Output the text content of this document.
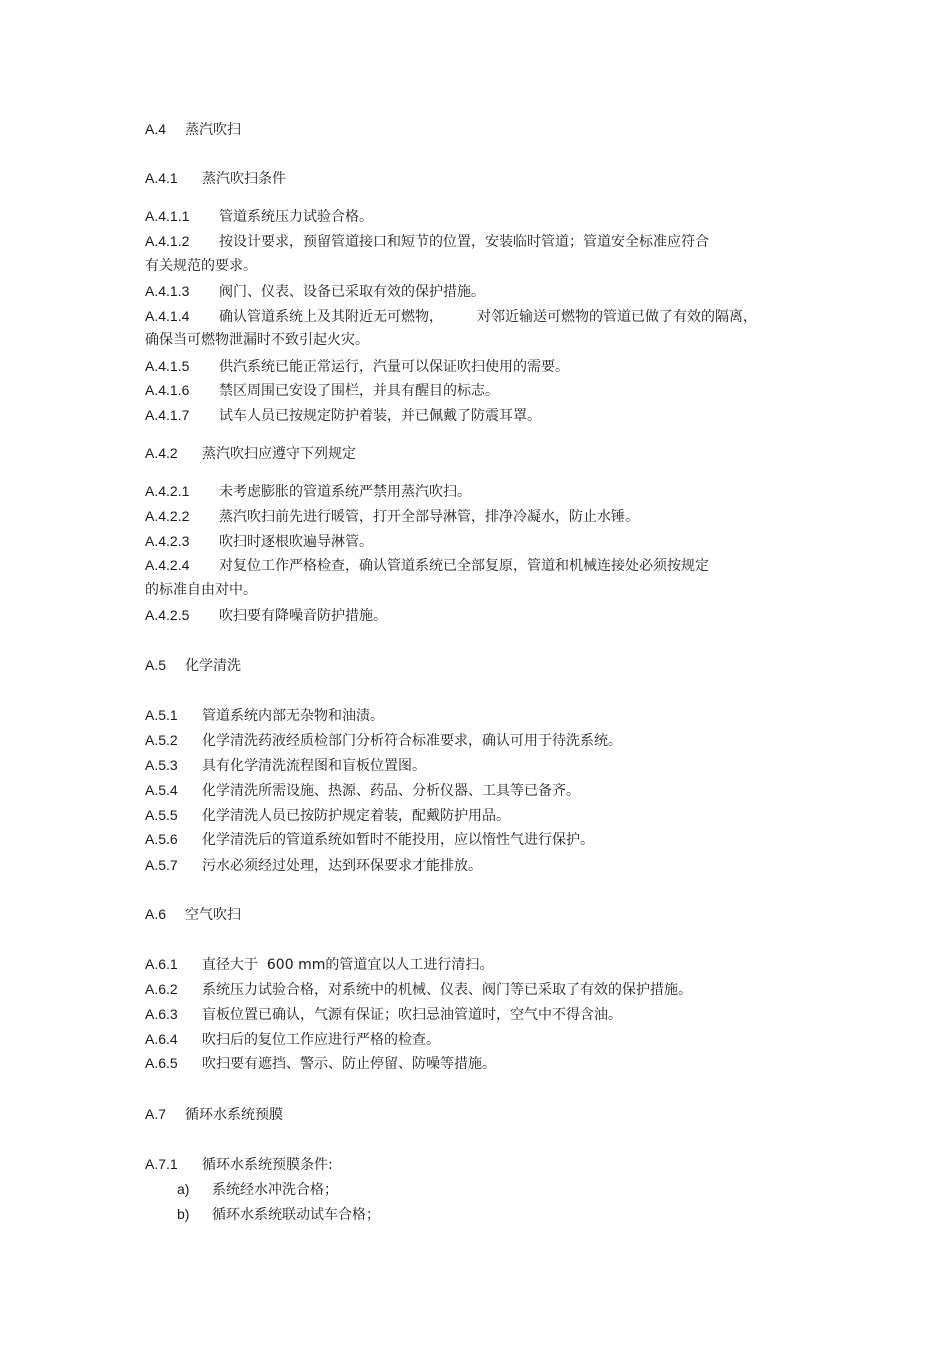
A.4 蒸汽吹扫
A.4.1 蒸汽吹扫条件
A.4.1.1 管道系统压力试验合格。
A.4.1.2 按设计要求，预留管道接口和短节的位置，安装临时管道；管道安全标准应符合
有关规范的要求。
A.4.1.3 阀门、仪表、设备已采取有效的保护措施。
A.4.1.4 确认管道系统上及其附近无可燃物， 对邻近输送可燃物的管道已做了有效的隔离，
确保当可燃物泄漏时不致引起火灾。
A.4.1.5 供汽系统已能正常运行，汽量可以保证吹扫使用的需要。
A.4.1.6 禁区周围已安设了围栏，并具有醒目的标志。
A.4.1.7 试车人员已按规定防护着装，并已佩戴了防震耳罩。
A.4.2 蒸汽吹扫应遵守下列规定
A.4.2.1 未考虑膨胀的管道系统严禁用蒸汽吹扫。
A.4.2.2 蒸汽吹扫前先进行暖管，打开全部导淋管，排净冷凝水，防止水锤。
A.4.2.3 吹扫时逐根吹遍导淋管。
A.4.2.4 对复位工作严格检查，确认管道系统已全部复原，管道和机械连接处必须按规定
的标准自由对中。
A.4.2.5 吹扫要有降噪音防护措施。
A.5 化学清洗
A.5.1 管道系统内部无杂物和油渍。
A.5.2 化学清洗药液经质检部门分析符合标准要求，确认可用于待洗系统。
A.5.3 具有化学清洗流程图和盲板位置图。
A.5.4 化学清洗所需设施、热源、药品、分析仪器、工具等已备齐。
A.5.5 化学清洗人员已按防护规定着装，配戴防护用品。
A.5.6 化学清洗后的管道系统如暂时不能投用，应以惰性气进行保护。
A.5.7 污水必须经过处理，达到环保要求才能排放。
A.6 空气吹扫
A.6.1 直径大于  600 mm的管道宜以人工进行清扫。
A.6.2 系统压力试验合格，对系统中的机械、仪表、阀门等已采取了有效的保护措施。
A.6.3 盲板位置已确认，气源有保证；吹扫忌油管道时，空气中不得含油。
A.6.4 吹扫后的复位工作应进行严格的检查。
A.6.5 吹扫要有遮挡、警示、防止停留、防噪等措施。
A.7 循环水系统预膜
A.7.1 循环水系统预膜条件:
a) 系统经水冲洗合格；
b) 循环水系统联动试车合格；
